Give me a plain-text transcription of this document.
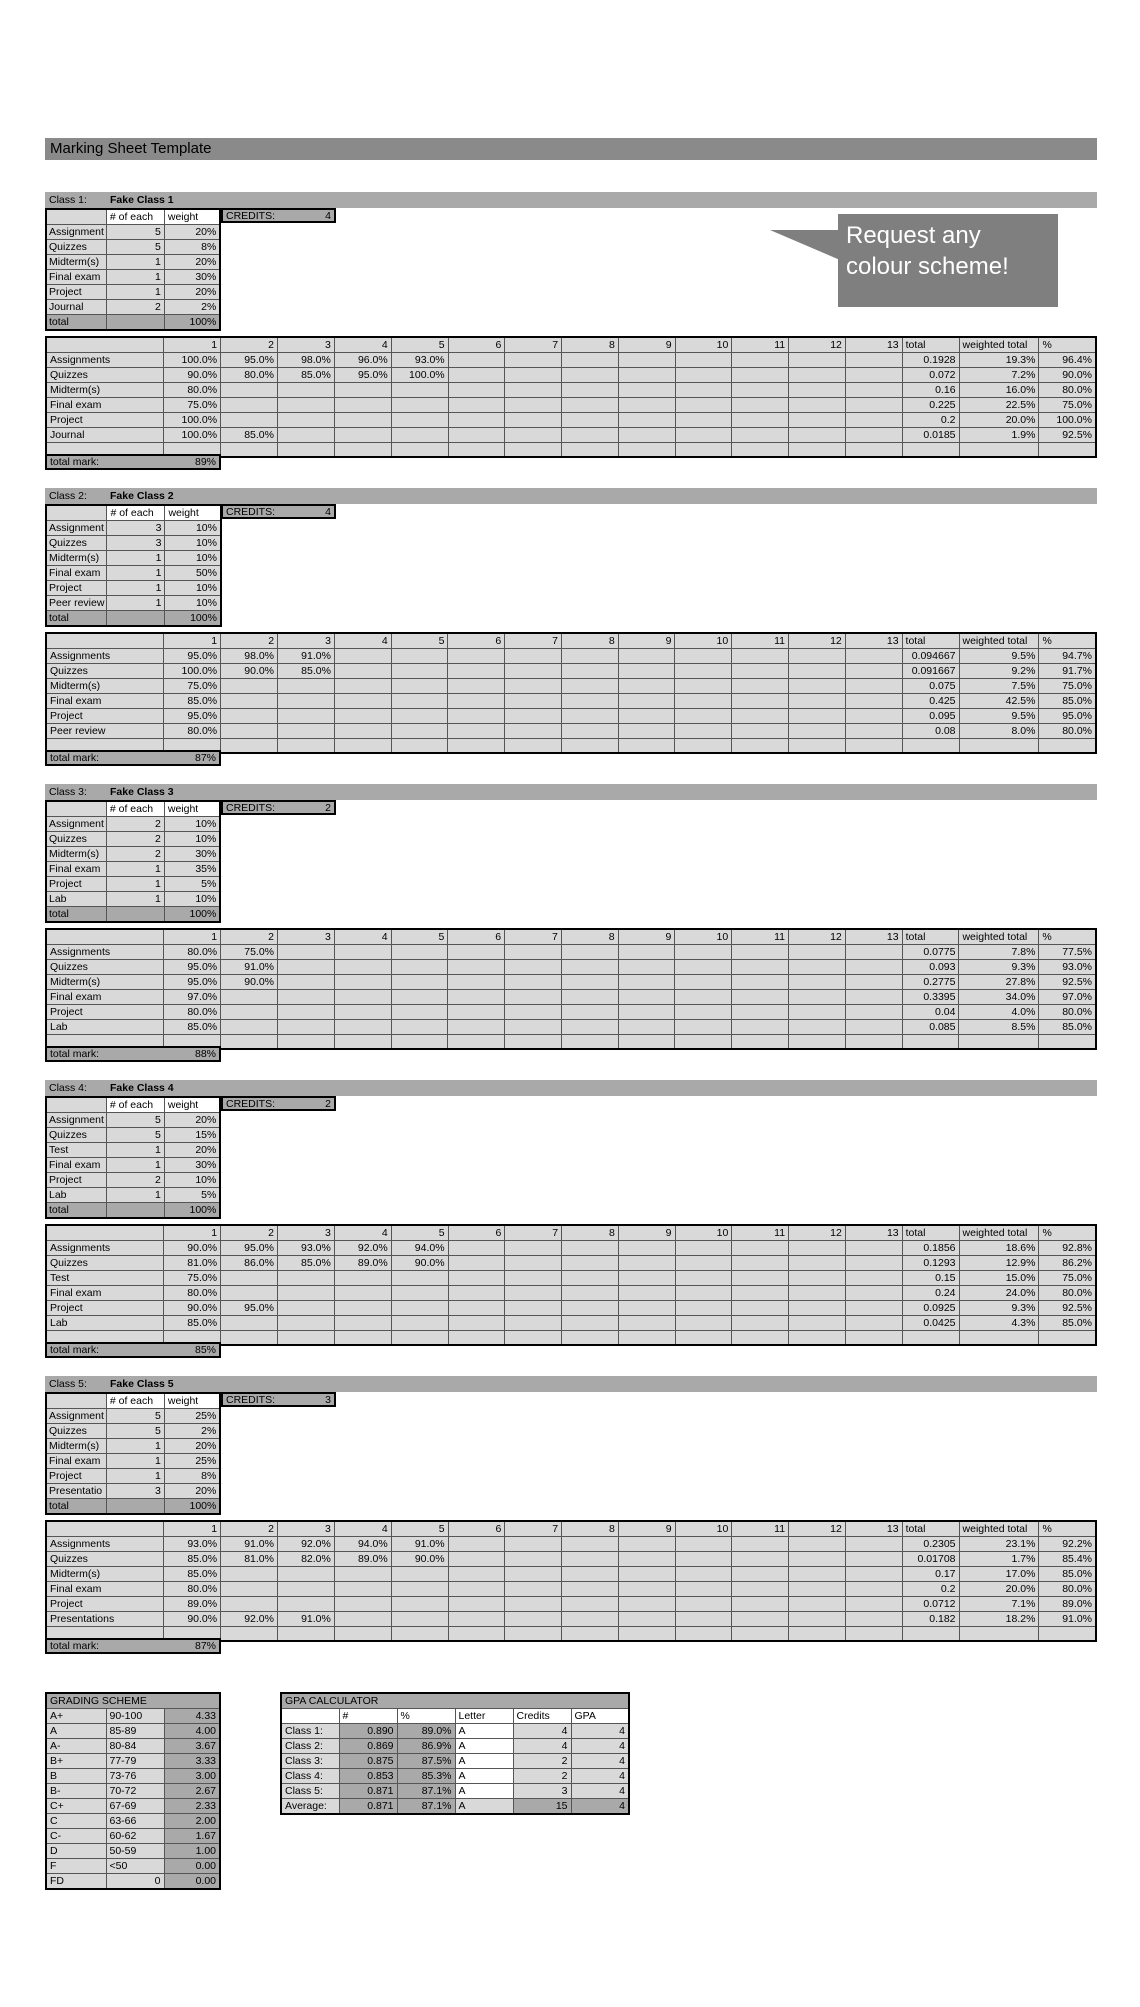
Marking Sheet Template
Request any
colour scheme!
Class 1: Fake Class 1
	# of each	weight
Assignment	5	20%
Quizzes	5	8%
Midterm(s)	1	20%
Final exam	1	30%
Project	1	20%
Journal	2	2%
total		100%
CREDITS:	4
	1	2	3	4	5	6	7	8	9	10	11	12	13	total	weighted total	%
Assignments	100.0%	95.0%	98.0%	96.0%	93.0%									0.1928	19.3%	96.4%
Quizzes	90.0%	80.0%	85.0%	95.0%	100.0%									0.072	7.2%	90.0%
Midterm(s)	80.0%													0.16	16.0%	80.0%
Final exam	75.0%													0.225	22.5%	75.0%
Project	100.0%													0.2	20.0%	100.0%
Journal	100.0%	85.0%												0.0185	1.9%	92.5%

total mark:	89%
Class 2: Fake Class 2
	# of each	weight
Assignment	3	10%
Quizzes	3	10%
Midterm(s)	1	10%
Final exam	1	50%
Project	1	10%
Peer review	1	10%
total		100%
CREDITS:	4
	1	2	3	4	5	6	7	8	9	10	11	12	13	total	weighted total	%
Assignments	95.0%	98.0%	91.0%											0.094667	9.5%	94.7%
Quizzes	100.0%	90.0%	85.0%											0.091667	9.2%	91.7%
Midterm(s)	75.0%													0.075	7.5%	75.0%
Final exam	85.0%													0.425	42.5%	85.0%
Project	95.0%													0.095	9.5%	95.0%
Peer review	80.0%													0.08	8.0%	80.0%

total mark:	87%
Class 3: Fake Class 3
	# of each	weight
Assignment	2	10%
Quizzes	2	10%
Midterm(s)	2	30%
Final exam	1	35%
Project	1	5%
Lab	1	10%
total		100%
CREDITS:	2
	1	2	3	4	5	6	7	8	9	10	11	12	13	total	weighted total	%
Assignments	80.0%	75.0%												0.0775	7.8%	77.5%
Quizzes	95.0%	91.0%												0.093	9.3%	93.0%
Midterm(s)	95.0%	90.0%												0.2775	27.8%	92.5%
Final exam	97.0%													0.3395	34.0%	97.0%
Project	80.0%													0.04	4.0%	80.0%
Lab	85.0%													0.085	8.5%	85.0%

total mark:	88%
Class 4: Fake Class 4
	# of each	weight
Assignment	5	20%
Quizzes	5	15%
Test	1	20%
Final exam	1	30%
Project	2	10%
Lab	1	5%
total		100%
CREDITS:	2
	1	2	3	4	5	6	7	8	9	10	11	12	13	total	weighted total	%
Assignments	90.0%	95.0%	93.0%	92.0%	94.0%									0.1856	18.6%	92.8%
Quizzes	81.0%	86.0%	85.0%	89.0%	90.0%									0.1293	12.9%	86.2%
Test	75.0%													0.15	15.0%	75.0%
Final exam	80.0%													0.24	24.0%	80.0%
Project	90.0%	95.0%												0.0925	9.3%	92.5%
Lab	85.0%													0.0425	4.3%	85.0%

total mark:	85%
Class 5: Fake Class 5
	# of each	weight
Assignment	5	25%
Quizzes	5	2%
Midterm(s)	1	20%
Final exam	1	25%
Project	1	8%
Presentatio	3	20%
total		100%
CREDITS:	3
	1	2	3	4	5	6	7	8	9	10	11	12	13	total	weighted total	%
Assignments	93.0%	91.0%	92.0%	94.0%	91.0%									0.2305	23.1%	92.2%
Quizzes	85.0%	81.0%	82.0%	89.0%	90.0%									0.01708	1.7%	85.4%
Midterm(s)	85.0%													0.17	17.0%	85.0%
Final exam	80.0%													0.2	20.0%	80.0%
Project	89.0%													0.0712	7.1%	89.0%
Presentations	90.0%	92.0%	91.0%											0.182	18.2%	91.0%

total mark:	87%
GRADING SCHEME		
A+	90-100	4.33
A	85-89	4.00
A-	80-84	3.67
B+	77-79	3.33
B	73-76	3.00
B-	70-72	2.67
C+	67-69	2.33
C	63-66	2.00
C-	60-62	1.67
D	50-59	1.00
F	<50	0.00
FD	0	0.00
GPA CALCULATOR					
	#	%	Letter	Credits	GPA
Class 1:	0.890	89.0%	A	4	4
Class 2:	0.869	86.9%	A	4	4
Class 3:	0.875	87.5%	A	2	4
Class 4:	0.853	85.3%	A	2	4
Class 5:	0.871	87.1%	A	3	4
Average:	0.871	87.1%	A	15	4
